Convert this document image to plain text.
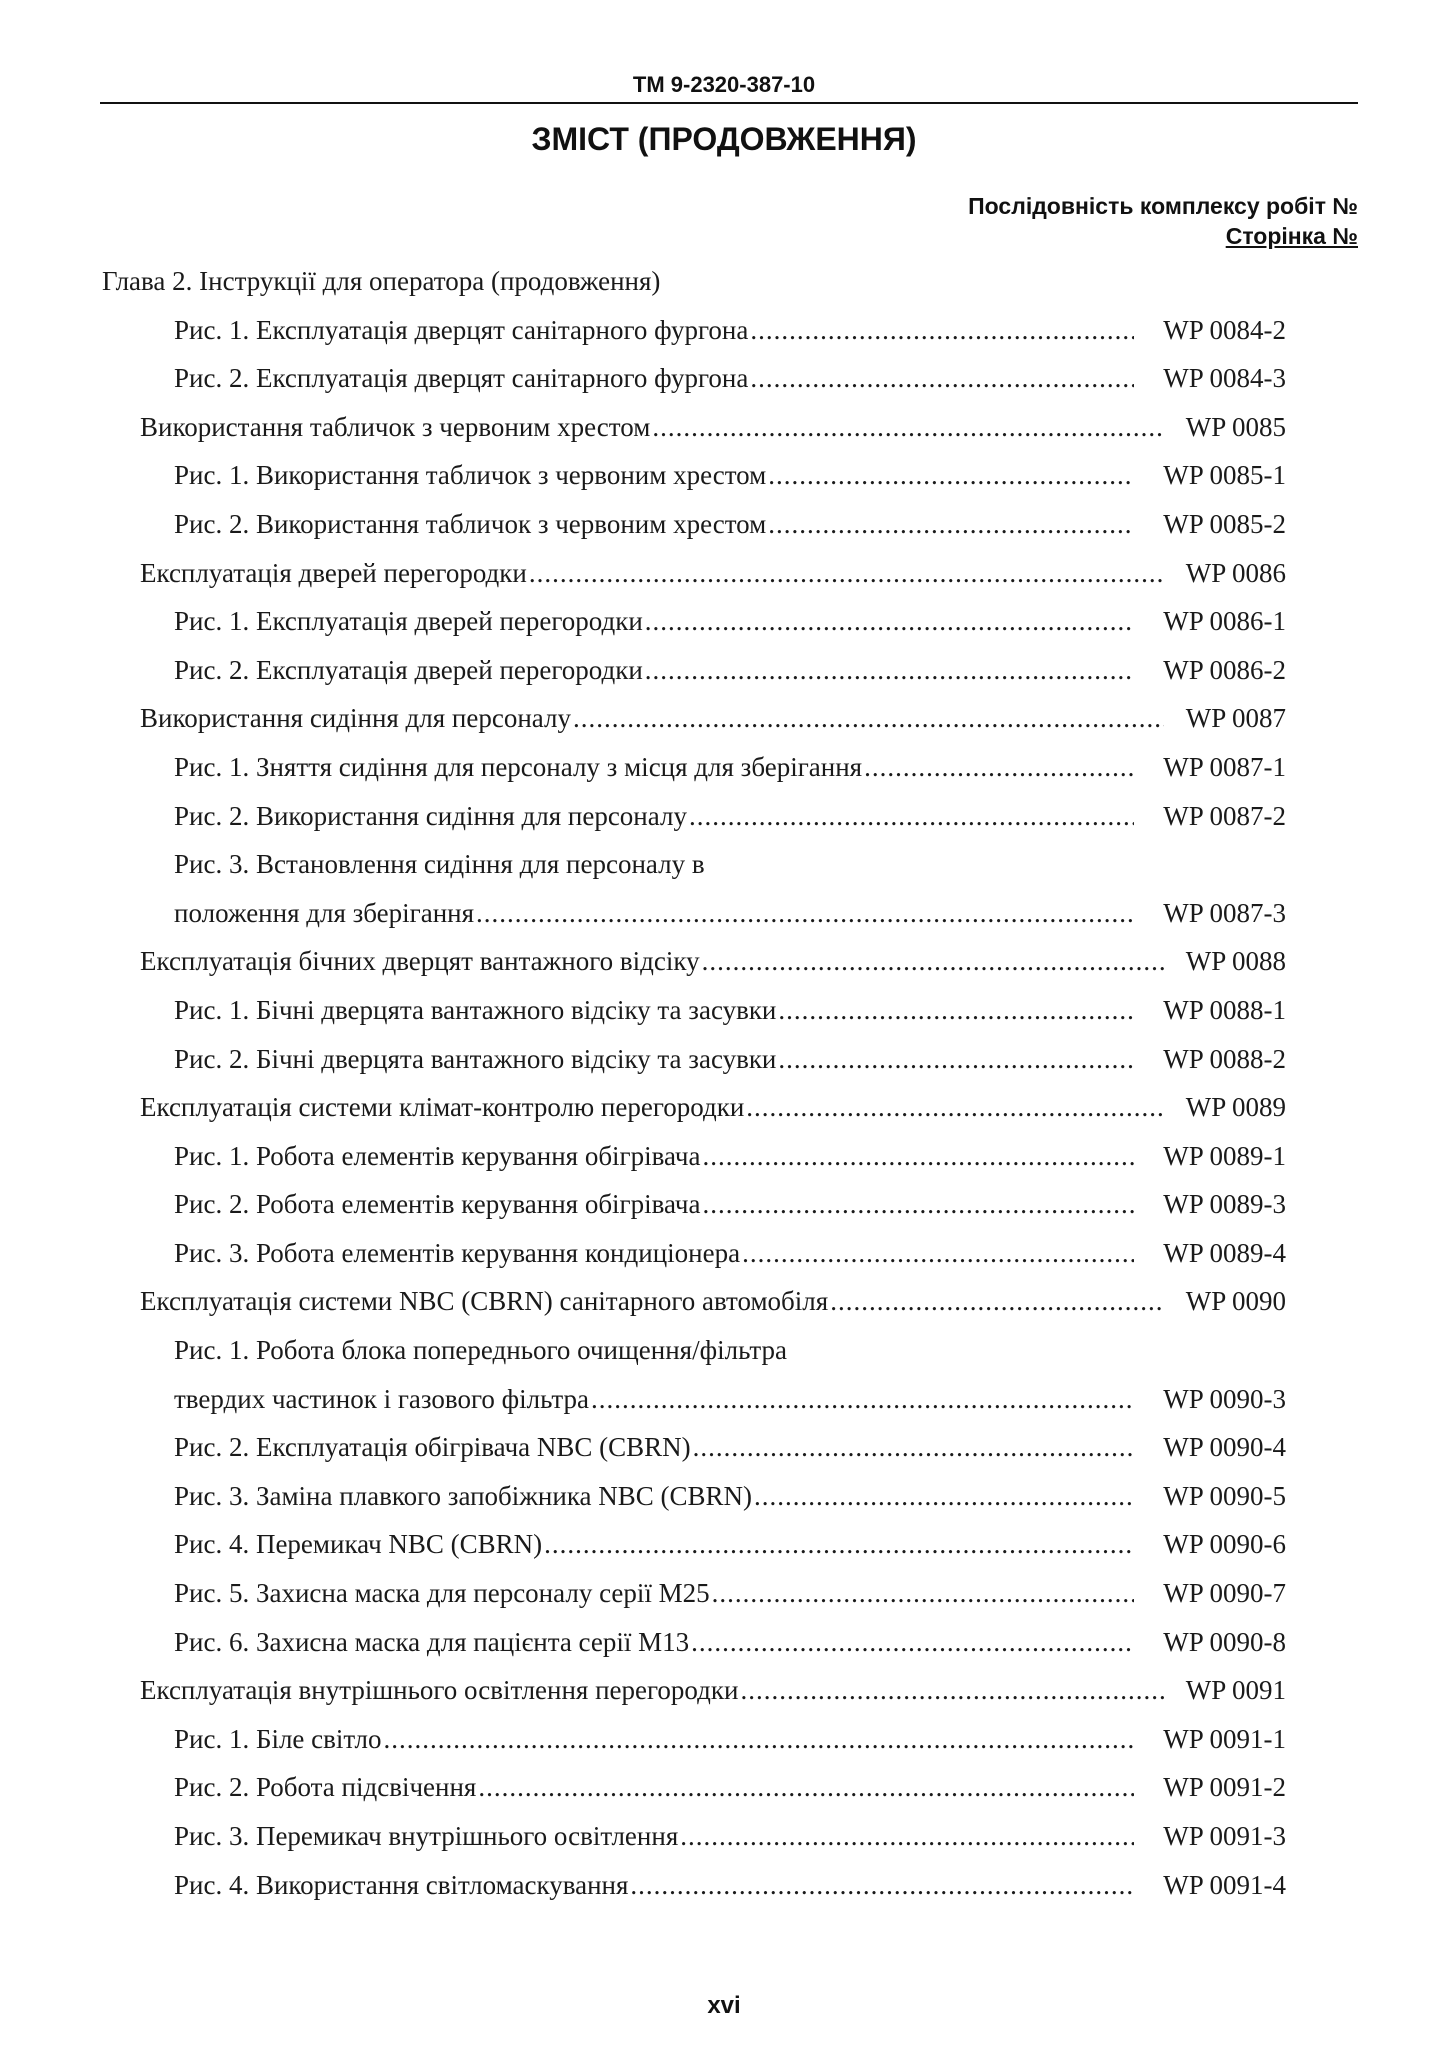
TM 9-2320-387-10
ЗМІСТ (ПРОДОВЖЕННЯ)
Послідовність комплексу робіт №
Сторінка №
Глава 2. Інструкції для оператора (продовження)
Рис. 1. Експлуатація дверцят санітарного фургона .....	WP 0084-2
Рис. 2. Експлуатація дверцят санітарного фургона .....	WP 0084-3
Використання табличок з червоним хрестом .....	WP 0085
Рис. 1. Використання табличок з червоним хрестом .....	WP 0085-1
Рис. 2. Використання табличок з червоним хрестом .....	WP 0085-2
Експлуатація дверей перегородки .....	WP 0086
Рис. 1. Експлуатація дверей перегородки .....	WP 0086-1
Рис. 2. Експлуатація дверей перегородки .....	WP 0086-2
Використання сидіння для персоналу .....	WP 0087
Рис. 1. Зняття сидіння для персоналу з місця для зберігання .....	WP 0087-1
Рис. 2. Використання сидіння для персоналу .....	WP 0087-2
Рис. 3. Встановлення сидіння для персоналу в
положення для зберігання .....	WP 0087-3
Експлуатація бічних дверцят вантажного відсіку .....	WP 0088
Рис. 1. Бічні дверцята вантажного відсіку та засувки .....	WP 0088-1
Рис. 2. Бічні дверцята вантажного відсіку та засувки .....	WP 0088-2
Експлуатація системи клімат-контролю перегородки .....	WP 0089
Рис. 1. Робота елементів керування обігрівача .....	WP 0089-1
Рис. 2. Робота елементів керування обігрівача .....	WP 0089-3
Рис. 3. Робота елементів керування кондиціонера .....	WP 0089-4
Експлуатація системи NBC (CBRN) санітарного автомобіля .....	WP 0090
Рис. 1. Робота блока попереднього очищення/фільтра
твердих частинок і газового фільтра .....	WP 0090-3
Рис. 2. Експлуатація обігрівача NBC (CBRN) .....	WP 0090-4
Рис. 3. Заміна плавкого запобіжника NBC (CBRN) .....	WP 0090-5
Рис. 4. Перемикач NBC (CBRN) .....	WP 0090-6
Рис. 5. Захисна маска для персоналу серії M25 .....	WP 0090-7
Рис. 6. Захисна маска для пацієнта серії M13 .....	WP 0090-8
Експлуатація внутрішнього освітлення перегородки .....	WP 0091
Рис. 1. Біле світло .....	WP 0091-1
Рис. 2. Робота підсвічення .....	WP 0091-2
Рис. 3. Перемикач внутрішнього освітлення .....	WP 0091-3
Рис. 4. Використання світломаскування .....	WP 0091-4
xvi
